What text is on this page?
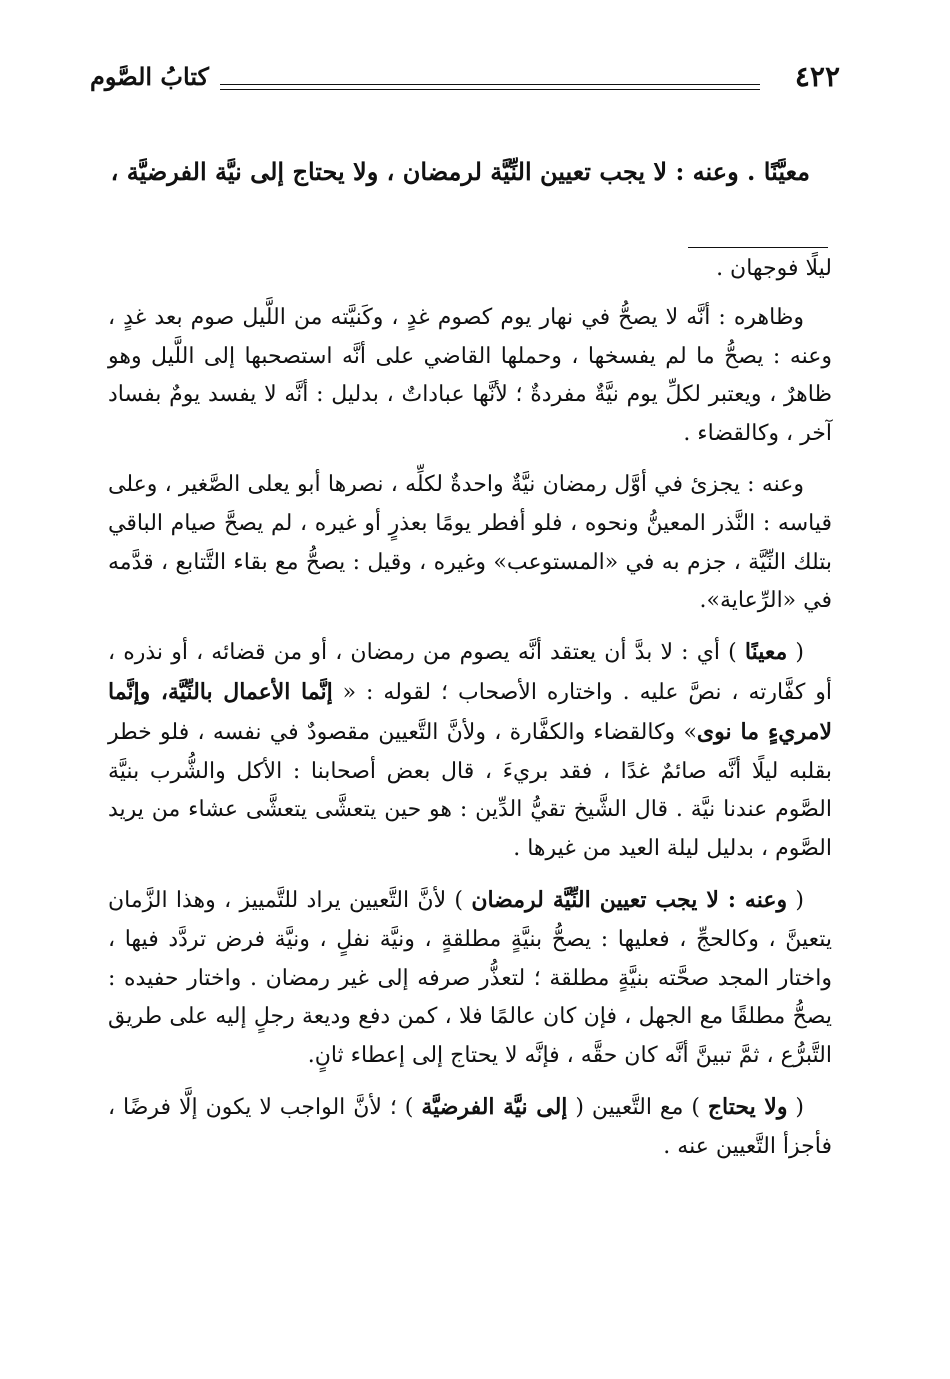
٤٢٢
كتابُ الصَّوم
معيَّنًا . وعنه : لا يجب تعيين النِّيَّة لرمضان ، ولا يحتاج إلى نيَّة الفرضيَّة ،

ليلًا فوجهان .

وظاهره : أنَّه لا يصحُّ في نهار يوم كصوم غدٍ ، وكَنيَّته من اللَّيل صوم بعد غدٍ ، وعنه : يصحُّ ما لم يفسخها ، وحملها القاضي على أنَّه استصحبها إلى اللَّيل وهو ظاهرٌ ، ويعتبر لكلِّ يوم نيَّةٌ مفردةٌ ؛ لأنَّها عباداتٌ ، بدليل : أنَّه لا يفسد يومٌ بفساد آخر ، وكالقضاء .

وعنه : يجزئ في أوَّل رمضان نيَّةٌ واحدةٌ لكلِّه ، نصرها أبو يعلى الصَّغير ، وعلى قياسه : النَّذر المعينُّ ونحوه ، فلو أفطر يومًا بعذرٍ أو غيره ، لم يصحَّ صيام الباقي بتلك النِّيَّة ، جزم به في «المستوعب» وغيره ، وقيل : يصحُّ مع بقاء التَّتابع ، قدَّمه في «الرِّعاية».

( معينًا ) أي : لا بدَّ أن يعتقد أنَّه يصوم من رمضان ، أو من قضائه ، أو نذره ، أو كفَّارته ، نصَّ عليه . واختاره الأصحاب ؛ لقوله : « إنَّما الأعمال بالنِّيَّة، وإنَّما لامريءٍ ما نوى» وكالقضاء والكفَّارة ، ولأنَّ التَّعيين مقصودٌ في نفسه ، فلو خطر بقلبه ليلًا أنَّه صائمٌ غدًا ، فقد بريءَ ، قال بعض أصحابنا : الأكل والشُّرب بنيَّة الصَّوم عندنا نيَّة . قال الشَّيخ تقيُّ الدِّين : هو حين يتعشَّى يتعشَّى عشاء من يريد الصَّوم ، بدليل ليلة العيد من غيرها .

( وعنه : لا يجب تعيين النِّيَّة لرمضان ) لأنَّ التَّعيين يراد للتَّمييز ، وهذا الزَّمان يتعينَّ ، وكالحجِّ ، فعليها : يصحُّ بنيَّةٍ مطلقةٍ ، ونيَّة نفلٍ ، ونيَّة فرض تردَّد فيها ، واختار المجد صحَّته بنيَّةٍ مطلقة ؛ لتعذُّر صرفه إلى غير رمضان . واختار حفيده : يصحُّ مطلقًا مع الجهل ، فإن كان عالمًا فلا ، كمن دفع وديعة رجلٍ إليه على طريق التَّبرُّع ، ثمَّ تبينَّ أنَّه كان حقَّه ، فإنَّه لا يحتاج إلى إعطاء ثانٍ.

( ولا يحتاج ) مع التَّعيين ( إلى نيَّة الفرضيَّة ) ؛ لأنَّ الواجب لا يكون إلَّا فرضًا ، فأجزأ التَّعيين عنه .
